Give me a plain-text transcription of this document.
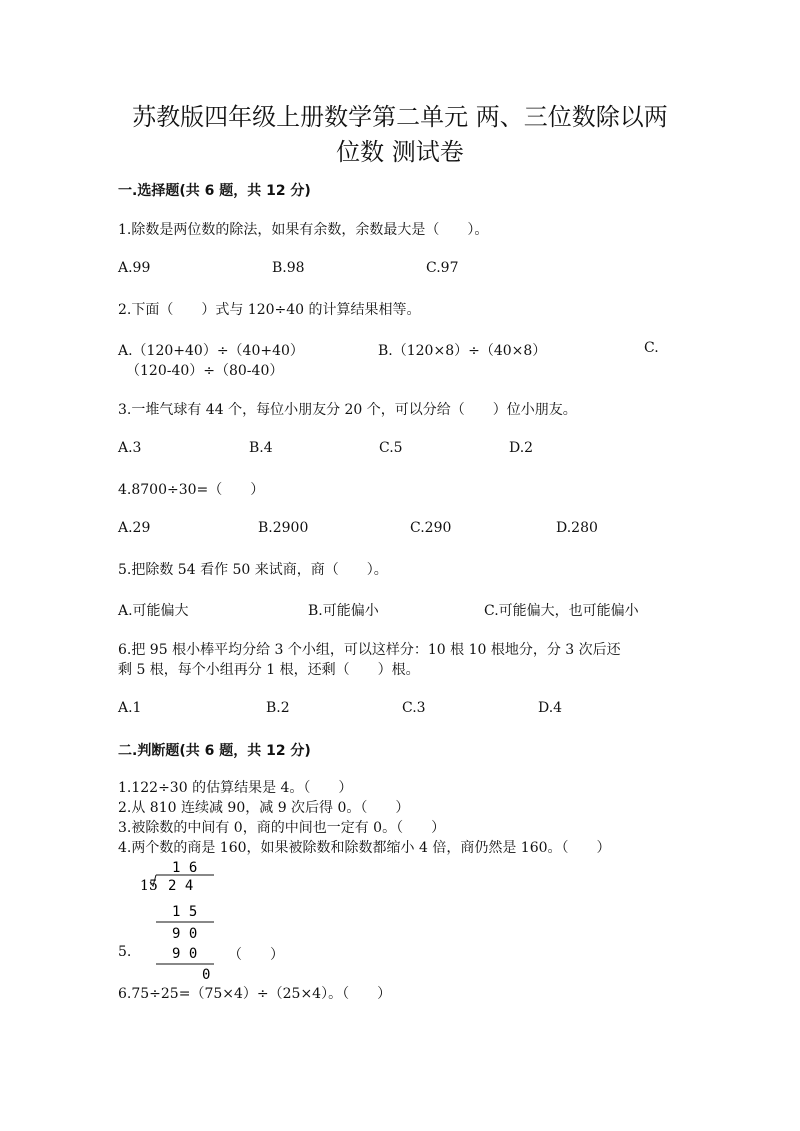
苏教版四年级上册数学第二单元 两、三位数除以两
位数 测试卷
一.选择题(共 6 题，共 12 分)
1.除数是两位数的除法，如果有余数，余数最大是（　　）。
A.99	B.98	C.97
2.下面（　　）式与 120÷40 的计算结果相等。
A.（120+40）÷（40+40）	B.（120×8）÷（40×8）	C.
（120-40）÷（80-40）
3.一堆气球有 44 个，每位小朋友分 20 个，可以分给（　　）位小朋友。
A.3	B.4	C.5	D.2
4.8700÷30=（　　）
A.29	B.2900	C.290	D.280
5.把除数 54 看作 50 来试商，商（　　）。
A.可能偏大	B.可能偏小	C.可能偏大，也可能偏小
6.把 95 根小棒平均分给 3 个小组，可以这样分：10 根 10 根地分，分 3 次后还
剩 5 根，每个小组再分 1 根，还剩（　　）根。
A.1	B.2	C.3	D.4
二.判断题(共 6 题，共 12 分)
1.122÷30 的估算结果是 4。（　　）
2.从 810 连续减 90，减 9 次后得 0。（　　）
3.被除数的中间有 0，商的中间也一定有 0。（　　）
4.两个数的商是 160，如果被除数和除数都缩小 4 倍，商仍然是 160。（　　）
1 6
15 2 4
1 5
9 0
9 0
0
5.	（　　）
6.75÷25=（75×4）÷（25×4）。（　　）
